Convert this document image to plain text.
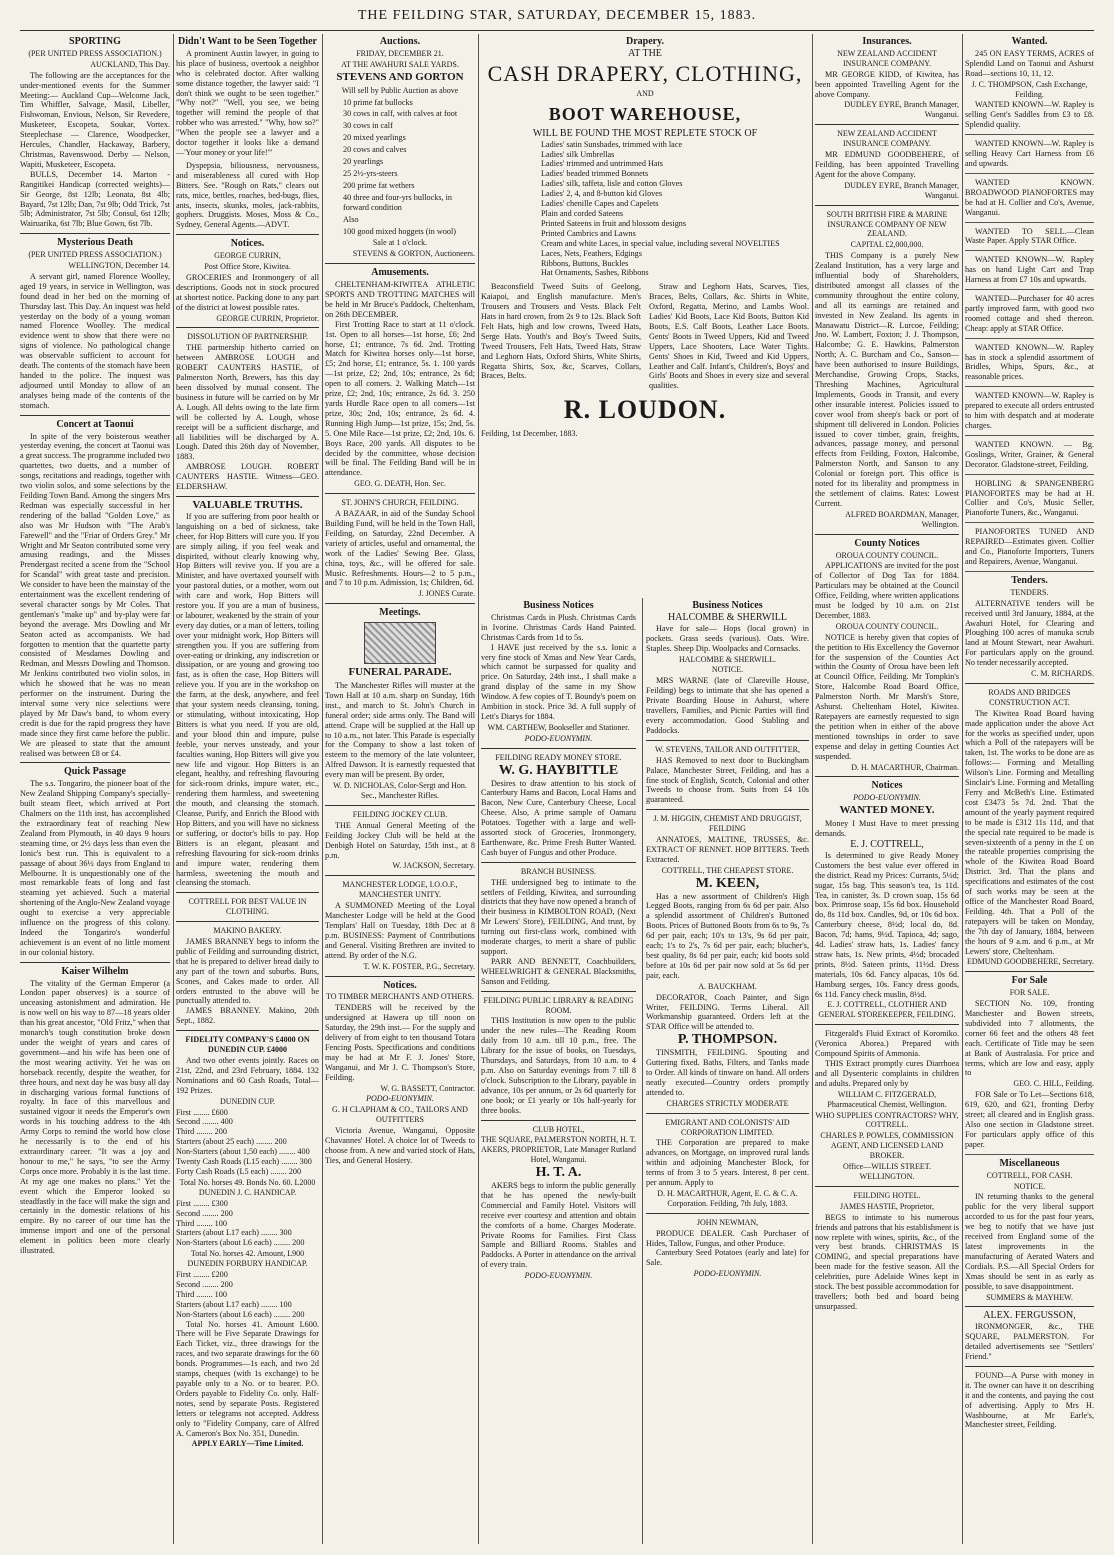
THE FEILDING STAR, SATURDAY, DECEMBER 15, 1883.
SPORTING
(PER UNITED PRESS ASSOCIATION.)
AUCKLAND, This Day.

The following are the acceptances for the under-mentioned events for the Summer Meeting:— Auckland Cup—Welcome Jack, Tim Whiffler, Salvage, Masil, Libeller, Fishwoman, Envious, Nelson, Sir Revedere, Musketeer, Escopeta, Soukar, Vortex. Steeplechase — Clarence, Woodpecker, Hercules, Chandler, Hackaway, Barbery, Christmas, Ravenswood. Derby — Nelson, Wapiti, Musketeer, Escopeta.

BULLS, December 14. Marton - Rangitikei Handicap (corrected weights)—Sir George, 8st 12lb; Leonata, 8st 4lb; Bayard, 7st 12lb; Dan, 7st 9lb; Odd Trick, 7st 5lb; Administrator, 7st 5lb; Consul, 6st 12lb; Wairuarika, 6st 7lb; Blue Gown, 6st 7lb.

Mysterious Death
(PER UNITED PRESS ASSOCIATION.)
WELLINGTON, December 14.

A servant girl, named Florence Woolley, aged 19 years, in service in Wellington, was found dead in her bed on the morning of Thursday last. This Day. An inquest was held yesterday on the body of a young woman named Florence Woolley. The medical evidence went to show that there were no signs of violence. No pathological change was observable sufficient to account for death. The contents of the stomach have been handed to the police. The inquest was adjourned until Monday to allow of an analyses being made of the contents of the stomach.

Concert at Taonui

In spite of the very boisterous weather yesterday evening, the concert at Taonui was a great success. The programme included two quartettes, two duetts, and a number of songs, recitations and readings, together with two violin solos, and some selections by the Feilding Town Band. Among the singers Mrs Redman was especially successful in her rendering of the ballad "Golden Love," as also was Mr Hudson with "The Arab's Farewell" and the "Friar of Orders Grey." Mr Wright and Mr Seaton contributed some very amusing readings, and the Misses Prendergast recited a scene from the "School for Scandal" with great taste and precision. We consider to have been the mainstay of the entertainment was the excellent rendering of several character songs by Mr Coles. That gentleman's "make up" and by-play were far beyond the average. Mrs Dowling and Mr Seaton acted as accompanists. We had forgotten to mention that the quartette party consisted of Mesdames Dowling and Redman, and Messrs Dowling and Thomson. Mr Jenkins contributed two violin solos, in which he showed that he was no mean performer on the instrument. During the interval some very nice selections were played by Mr Daw's band, to whom every credit is due for the rapid progress they have made since they first came before the public. We are pleased to state that the amount realised was between £8 or £4.

Quick Passage

The s.s. Tongariro, the pioneer boat of the New Zealand Shipping Company's specially-built steam fleet, which arrived at Port Chalmers on the 11th inst, has accomplished the extraordinary feat of reaching New Zealand from Plymouth, in 40 days 9 hours steaming time, or 2½ days less than even the Ionic's best run. This is equivalent to a passage of about 36½ days from England to Melbourne. It is unquestionably one of the most remarkable feats of long and fast steaming yet achieved. Such a material shortening of the Anglo-New Zealand voyage ought to exercise a very appreciable influence on the progress of this colony. Indeed the Tongariro's wonderful achievement is an event of no little moment in our colonial history.

Kaiser Wilhelm

The vitality of the German Emperor (a London paper observes) is a source of unceasing astonishment and admiration. He is now well on his way to 87—18 years older than his great ancestor, "Old Fritz," when that monarch's tough constitution broke down under the weight of years and cares of government—and his wife has been one of the most wearing activity. Yet he was on horseback recently, despite the weather, for three hours, and next day he was busy all day in discharging various formal functions of royalty. In face of this marvellous and sustained vigour it needs the Emperor's own words in his touching address to the 4th Army Corps to remind the world how close he necessarily is to the end of his extraordinary career. "It was a joy and honour to me," he says, "to see the Army Corps once more. Probably it is the last time. At my age one makes no plans." Yet the event which the Emperor looked so steadfastly in the face will make the sign and certainly in the domestic relations of his empire. By no career of our time has the immense import and one of the personal element in politics been more clearly illustrated.

Didn't Want to be Seen Together

A prominent Austin lawyer, in going to his place of business, overtook a neighbor who is celebrated doctor. After walking some distance together, the lawyer said: "I don't think we ought to be seen together." "Why not?" "Well, you see, we being together will remind the people of that robber who was arrested." "Why, how so?" "When the people see a lawyer and a doctor together it looks like a demand—'Your money or your life!'"

Dyspepsia, biliousness, nervousness, and miserableness all cured with Hop Bitters. See. "Rough on Rats," clears out rats, mice, bettles, roaches, bed-bugs, flies, ants, insects, skunks, moles, jack-rabbits, gophers. Druggists. Moses, Moss & Co., Sydney, General Agents.—ADVT.

Notices.
GEORGE CURRIN,
Post Office Store, Kiwitea.

GROCERIES and Ironmongery of all descriptions. Goods not in stock procured at shortest notice. Packing done to any part of the district at lowest possible rates.

GEORGE CURRIN, Proprietor.
DISSOLUTION OF PARTNERSHIP.

THE partnership hitherto carried on between AMBROSE LOUGH and ROBERT CAUNTERS HASTIE, of Palmerston North, Brewers, has this day been dissolved by mutual consent. The business in future will be carried on by Mr A. Lough. All debts owing to the late firm will be collected by A. Lough, whose receipt will be a sufficient discharge, and all liabilities will be discharged by A. Lough. Dated this 26th day of November, 1883.

AMBROSE LOUGH. ROBERT CAUNTERS HASTIE. Witness—GEO. ELDERSHAW.

VALUABLE TRUTHS.

If you are suffering from poor health or languishing on a bed of sickness, take cheer, for Hop Bitters will cure you. If you are simply ailing, if you feel weak and dispirited, without clearly knowing why, Hop Bitters will revive you. If you are a Minister, and have overtaxed yourself with your pastoral duties, or a mother, worn out with care and work, Hop Bitters will restore you. If you are a man of business, or labourer, weakened by the strain of your every day duties, or a man of letters, toiling over your midnight work, Hop Bitters will strengthen you. If you are suffering from over-eating or drinking, any indiscretion or dissipation, or are young and growing too fast, as is often the case, Hop Bitters will relieve you. If you are in the workshop on the farm, at the desk, anywhere, and feel that your system needs cleansing, toning, or stimulating, without intoxicating, Hop Bitters is what you need. If you are old, and your blood thin and impure, pulse feeble, your nerves unsteady, and your faculties waning, Hop Bitters will give you new life and vigour. Hop Bitters is an elegant, healthy, and refreshing flavouring for sick-room drinks, impure water, etc., rendering them harmless, and sweetening the mouth, and cleansing the stomach. Cleanse, Purify, and Enrich the Blood with Hop Bitters, and you will have no sickness or suffering, or doctor's bills to pay. Hop Bitters is an elegant, pleasant and refreshing flavouring for sick-room drinks and impure water, rendering them harmless, sweetening the mouth and cleansing the stomach.

COTTRELL FOR BEST VALUE IN CLOTHING.
MAKINO BAKERY.

JAMES BRANNEY begs to inform the public of Feilding and surrounding district, that he is prepared to deliver bread daily to any part of the town and suburbs. Buns, Scones, and Cakes made to order. All orders entrusted to the above will be punctually attended to.

JAMES BRANNEY. Makino, 20th Sept., 1882.

FIDELITY COMPANY'S £4000 ON DUNEDIN CUP. £4000

And two other events jointly. Races on 21st, 22nd, and 23rd February, 1884. 132 Nominations and 60 Cash Roads, Total—192 Prizes.

DUNEDIN CUP.
First ........ £600
Second ........ 400
Third ........ 200
Starters (about 25 each) ........ 200
Non-Starters (about 1,50 each) ........ 400
Twenty Cash Roads (L15 each) ........ 300
Forty Cash Roads (L5 each) ........ 200
Total No. horses 49. Bonds No. 60. L2000 DUNEDIN J. C. HANDICAP.
First ........ £300
Second ........ 200
Third ........ 100
Starters (about L17 each) ........ 300
Non-Starters (about L6 each) ........ 200
Total No. horses 42. Amount, L900 DUNEDIN FORBURY HANDICAP.
First ........ £200
Second ........ 200
Third ........ 100
Starters (about L17 each) ........ 100
Non-Starters (about L6 each) ........ 200

Total No. horses 41. Amount L600. There will be Five Separate Drawings for Each Ticket, viz., three drawings for the races, and two separate drawings for the 60 bonds. Programmes—1s each, and two 2d stamps, cheques (with 1s exchange) to be payable only to a No. or to bearer. P.O. Orders payable to Fidelity Co. only. Half-notes, send by separate Posts. Registered letters or telegrams not accepted. Address only to "Fidelity Company, care of Alfred A. Cameron's Box No. 351, Dunedin.

APPLY EARLY—Time Limited.
Auctions.
FRIDAY, DECEMBER 21.
AT THE AWAHURI SALE YARDS.
STEVENS AND GORTON
Will sell by Public Auction as above
10 prime fat bullocks
30 cows in calf, with calves at foot
30 cows in calf
20 mixed yearlings
20 cows and calves
20 yearlings
25 2½-yrs-steers
200 prime fat wethers
40 three and four-yrs bullocks, in forward condition
Also
100 good mixed hoggets (in wool)
Sale at 1 o'clock.
STEVENS & GORTON, Auctioneers.
Amusements.

CHELTENHAM-KIWITEA ATHLETIC SPORTS AND TROTTING MATCHES will be held in Mr Bruce's Paddock, Cheltenham, on 26th DECEMBER.

First Trotting Race to start at 11 o'clock. 1st. Open to all horses—1st horse, £6; 2nd horse, £1; entrance, 7s 6d. 2nd. Trotting Match for Kiwitea horses only—1st horse, £5; 2nd horse, £1; entrance, 5s. 1. 100 yards—1st prize, £2; 2nd, 10s; entrance, 2s 6d; open to all comers. 2. Walking Match—1st prize, £2; 2nd, 10s; entrance, 2s 6d. 3. 250 yards Hurdle Race open to all comers—1st prize, 30s; 2nd, 10s; entrance, 2s 6d. 4. Running High Jump—1st prize, 15s; 2nd, 5s. 5. One Mile Race—1st prize, £2; 2nd, 10s. 6. Boys Race, 200 yards. All disputes to be decided by the committee, whose decision will be final. The Feilding Band will be in attendance.

GEO. G. DEATH, Hon. Sec.
ST. JOHN'S CHURCH, FEILDING.

A BAZAAR, in aid of the Sunday School Building Fund, will be held in the Town Hall, Feilding, on Saturday, 22nd December. A variety of articles, useful and ornamental, the work of the Ladies' Sewing Bee. Glass, china, toys, &c., will be offered for sale. Music. Refreshments. Hours—2 to 5 p.m., and 7 to 10 p.m. Admission, 1s; Children, 6d.

J. JONES Curate.
Meetings.
FUNERAL PARADE.

The Manchester Rifles will muster at the Town Hall at 10 a.m. sharp on Sunday, 16th inst., and march to St. John's Church in funeral order; side arms only. The Band will attend. Crape will be supplied at the Hall up to 10 a.m., not later. This Parade is especially for the Company to show a last token of esteem to the memory of the late volunteer, Alfred Dawson. It is earnestly requested that every man will be present. By order,

W. D. NICHOLAS, Color-Sergt and Hon. Sec., Manchester Rifles.
FEILDING JOCKEY CLUB.

THE Annual General Meeting of the Feilding Jockey Club will be held at the Denbigh Hotel on Saturday, 15th inst., at 8 p.m.

W. JACKSON, Secretary.
MANCHESTER LODGE, I.O.O.F., MANCHESTER UNITY.

A SUMMONED Meeting of the Loyal Manchester Lodge will be held at the Good Templars' Hall on Tuesday, 18th Dec at 8 p.m. BUSINESS: Payment of Contributions and General. Visiting Brethren are invited to attend. By order of the N.G.

T. W. K. FOSTER, P.G., Secretary.
Notices.
TO TIMBER MERCHANTS AND OTHERS.

TENDERS will be received by the undersigned at Hawera up till noon on Saturday, the 29th inst.— For the supply and delivery of from eight to ten thousand Totara Fencing Posts. Specifications and conditions may be had at Mr F. J. Jones' Store, Wanganui, and Mr J. C. Thompson's Store, Feilding.

W. G. BASSETT, Contractor.
PODO-EUONYMIN.
G. H CLAPHAM & CO., TAILORS AND OUTFITTERS

Victoria Avenue, Wanganui, Opposite Chavannes' Hotel. A choice lot of Tweeds to choose from. A new and varied stock of Hats, Ties, and General Hosiery.

Drapery.
AT THE
CASH DRAPERY, CLOTHING,
AND
BOOT WAREHOUSE,
WILL BE FOUND THE MOST REPLETE STOCK OF
Ladies' satin Sunshades, trimmed with lace
Ladies' silk Umbrellas
Ladies' trimmed and untrimmed Hats
Ladies' beaded trimmed Bonnets
Ladies' silk, taffeta, lisle and cotton Gloves
Ladies' 2, 4, and 8-button kid Gloves
Ladies' chenille Capes and Capelets
Plain and corded Sateens
Printed Sateens in fruit and blossom designs
Printed Cambrics and Lawns
Cream and white Laces, in special value, including several NOVELTIES
Laces, Nets, Feathers, Edgings
Ribbons, Buttons, Buckles
Hat Ornaments, Sashes, Ribbons

Beaconsfield Tweed Suits of Geelong, Kaiapoi, and English manufacture. Men's Trousers and Trousers and Vests. Black Felt Hats in hard crown, from 2s 9 to 12s. Black Soft Felt Hats, high and low crowns, Tweed Hats, Serge Hats. Youth's and Boy's Tweed Suits, Tweed Trousers, Felt Hats, Tweed Hats, Straw and Leghorn Hats, Oxford Shirts, White Shirts, Regatta Shirts, Sox, &c, Scarves, Collars, Braces, Belts.

Straw and Leghorn Hats, Scarves, Ties, Braces, Belts, Collars, &c. Shirts in White, Oxford, Regatta, Merino, and Lambs Wool. Ladies' Kid Boots, Lace Kid Boots, Button Kid Boots, E.S. Calf Boots, Leather Lace Boots. Gents' Boots in Tweed Uppers, Kid and Tweed Uppers, Lace Shooters, Lace Water Tights. Gents' Shoes in Kid, Tweed and Kid Uppers, Leather and Calf. Infant's, Children's, Boys' and Girls' Boots and Shoes in every size and several qualities.

R. LOUDON.
Feilding, 1st December, 1883.
Business Notices

Christmas Cards in Plush. Christmas Cards in Ivorine. Christmas Cards Hand Painted. Christmas Cards from 1d to 5s.

I HAVE just received by the s.s. Ionic a very fine stock of Xmas and New Year Cards, which cannot be surpassed for quality and price. On Saturday, 24th inst., I shall make a grand display of the same in my Show Window. A few copies of T. Boundy's poem on Ambition in stock. Price 3d. A full supply of Lett's Diarys for 1884.

WM. CARTHEW, Bookseller and Stationer.
PODO-EUONYMIN.
FEILDING READY MONEY STORE.
W. G. HAYBITTLE

Desires to draw attention to his stock of Canterbury Hams and Bacon, Local Hams and Bacon, New Cure, Canterbury Cheese, Local Cheese. Also, A prime sample of Oamaru Potatoes. Together with a large and well-assorted stock of Groceries, Ironmongery, Earthenware, &c. Prime Fresh Butter Wanted. Cash buyer of Fungus and other Produce.

BRANCH BUSINESS.

THE undersigned beg to intimate to the settlers of Feilding, Kiwitea, and surrounding districts that they have now opened a branch of their business in KIMBOLTON ROAD, (Next Mr Lewers' Store), FEILDING, And trust, by turning out first-class work, combined with moderate charges, to merit a share of public support.

PARR AND BENNETT, Coachbuilders, WHEELWRIGHT & GENERAL Blacksmiths, Sanson and Feilding.

FEILDING PUBLIC LIBRARY & READING ROOM.

THIS Institution is now open to the public under the new rules—The Reading Room daily from 10 a.m. till 10 p.m., free. The Library for the issue of books, on Tuesdays, Thursdays, and Saturdays, from 10 a.m. to 4 p.m. Also on Saturday evenings from 7 till 8 o'clock. Subscription to the Library, payable in advance, 10s per annum, or 2s 6d quarterly for one book; or £1 yearly or 10s half-yearly for three books.

CLUB HOTEL,
THE SQUARE, PALMERSTON NORTH, H. T. AKERS, PROPRIETOR, Late Manager Rutland Hotel, Wanganui.
H. T. A.

AKERS begs to inform the public generally that he has opened the newly-built Commercial and Family Hotel. Visitors will receive ever courtesy and attention and obtain the comforts of a home. Charges Moderate. Private Rooms for Families. First Class Sample and Billiard Rooms. Stables and Paddocks. A Porter in attendance on the arrival of every train.

PODO-EUONYMIN.
Business Notices
HALCOMBE & SHERWILL

Have for sale— Hops (local grown) in pockets. Grass seeds (various). Oats. Wire. Staples. Sheep Dip. Woolpacks and Cornsacks.

HALCOMBE & SHERWILL.
NOTICE.

MRS WARNE (late of Clareville House, Feilding) begs to intimate that she has opened a Private Boarding House in Ashurst, where travellers, Families, and Picnic Parties will find every accommodation. Good Stabling and Paddocks.

W. STEVENS, TAILOR AND OUTFITTER,

HAS Removed to next door to Buckingham Palace, Manchester Street, Feilding, and has a fine stock of English, Scotch, Colonial and other Tweeds to choose from. Suits from £4 10s guaranteed.

J. M. HIGGIN, CHEMIST AND DRUGGIST, FEILDING

ANNATOES, MALTINE, TRUSSES, &c. EXTRACT OF RENNET. HOP BITTERS. Teeth Extracted.

COTTRELL, THE CHEAPEST STORE.
M. KEEN,

Has a new assortment of Children's High Legged Boots, ranging from 6s 6d per pair. Also a splendid assortment of Children's Buttoned Boots. Prices of Buttoned Boots from 6s to 9s, 7s 6d per pair, each; 10's to 13's, 9s 6d per pair, each; 1's to 2's, 7s 6d per pair, each; blucher's, best quality, 8s 6d per pair, each; kid boots sold before at 10s 6d per pair now sold at 5s 6d per pair, each.

A. BAUCKHAM.

DECORATOR, Coach Painter, and Sign Writer, FEILDING. Terms Liberal. All Workmanship guaranteed. Orders left at the STAR Office will be attended to.

P. THOMPSON.

TINSMITH, FEILDING. Spouting and Guttering fixed. Baths, Filters, and Tanks made to Order. All kinds of tinware on hand. All orders neatly executed—Country orders promptly attended to.

CHARGES STRICTLY MODERATE
EMIGRANT AND COLONISTS' AID CORPORATION LIMITED.

THE Corporation are prepared to make advances, on Mortgage, on improved rural lands within and adjoining Manchester Block, for terms of from 3 to 5 years. Interest, 8 per cent. per annum. Apply to

D. H. MACARTHUR, Agent, E. C. & C. A. Corporation. Feilding, 7th July, 1883.
JOHN NEWMAN,

PRODUCE DEALER. Cash Purchaser of Hides, Tallow, Fungus, and other Produce.

Canterbury Seed Potatoes (early and late) for Sale.

PODO-EUONYMIN.
Insurances.
NEW ZEALAND ACCIDENT INSURANCE COMPANY.

MR GEORGE KIDD, of Kiwitea, has been appointed Travelling Agent for the above Company.

DUDLEY EYRE, Branch Manager, Wanganui.
NEW ZEALAND ACCIDENT INSURANCE COMPANY.

MR EDMUND GOODBEHERE, of Feilding, has been appointed Travelling Agent for the above Company.

DUDLEY EYRE, Branch Manager, Wanganui.
SOUTH BRITISH FIRE & MARINE INSURANCE COMPANY OF NEW ZEALAND.
CAPITAL £2,000,000.

THIS Company is a purely New Zealand Institution, has a very large and influential body of Shareholders, distributed amongst all classes of the community throughout the entire colony, and all its earnings are retained and invested in New Zealand. Its agents in Manawatu District—R. Lurcoe, Feilding; Jno. W. Lambert, Foxton; J. J. Thompson, Halcombe; G. E. Hawkins, Palmerston North; A. C. Burcham and Co., Sanson—have been authorised to insure Buildings, Merchandise, Growing Crops, Stacks, Threshing Machines, Agricultural Implements, Goods in Transit, and every other insurable interest. Policies issued to cover wool from sheep's back or port of shipment till delivered in London. Policies issued to cover timber, grain, freights, advances, passage money, and personal effects from Feilding, Foxton, Halcombe, Palmerston North, and Sanson to any Colonial or foreign port. This office is noted for its liberality and promptness in the settlement of claims. Rates: Lowest Current.

ALFRED BOARDMAN, Manager, Wellington.
County Notices
OROUA COUNTY COUNCIL.

APPLICATIONS are invited for the post of Collector of Dog Tax for 1884. Particulars may be obtained at the Council Office, Feilding, where written applications must be lodged by 10 a.m. on 21st December, 1883.

OROUA COUNTY COUNCIL.

NOTICE is hereby given that copies of the petition to His Excellency the Governor for the suspension of the Counties Act within the County of Oroua have been left at Council Office, Feilding. Mr Tompkin's Store, Halcombe Road Board Office, Palmerston North. Mr Marsh's Store, Ashurst. Cheltenham Hotel, Kiwitea. Ratepayers are earnestly requested to sign the petition when in either of the above mentioned townships in order to save expense and delay in getting Counties Act suspended.

D. H. MACARTHUR, Chairman.
Notices
PODO-EUONYMIN.
WANTED MONEY.

Money I Must Have to meet pressing demands.

E. J. COTTRELL,

Is determined to give Ready Money Customers the best value ever offered in the district. Read my Prices: Currants, 5½d; sugar, 15s bag. This season's tea, 1s 11d. Tea, in canister, 3s. D crown soap, 15s 6d box. Primrose soap, 15s 6d box. Household do, 8s 11d box. Candles, 9d, or 10s 6d box. Canterbury cheese, 8½d; local do, 8d. Bacon, 7d; hams, 9½d. Tapioca, 4d; sago, 4d. Ladies' straw hats, 1s. Ladies' fancy straw hats, 1s. New prints, 4½d; brocaded prints, 8½d. Sateen prints, 11½d. Dress materials, 10s 6d. Fancy alpacas, 10s 6d. Hamburg serges, 10s. Fancy dress goods, 6s 11d. Fancy check muslin, 8½d.

E. J. COTTRELL, CLOTHIER AND GENERAL STOREKEEPER, FEILDING.

Fitzgerald's Fluid Extract of Koromiko. (Veronica Aborea.) Prepared with Compound Spirits of Ammonia.

THIS Extract promptly cures Diarrhoea and all Dysenteric complaints in children and adults. Prepared only by

WILLIAM C. FITZGERALD, Pharmaceutical Chemist, Wellington.
WHO SUPPLIES CONTRACTORS? WHY, COTTRELL.
CHARLES P. POWLES, COMMISSION AGENT, AND LICENSED LAND BROKER.
Office—WILLIS STREET. WELLINGTON.
FEILDING HOTEL.
JAMES HASTIE, Proprietor,

BEGS to intimate to his numerous friends and patrons that his establishment is now replete with wines, spirits, &c., of the very best brands. CHRISTMAS IS COMING, and special preparations have been made for the festive season. All the celebrities, pure Adelaide Wines kept in stock. The best possible accommodation for travellers; both bed and board being unsurpassed.

Wanted.

245 ON EASY TERMS, ACRES of Splendid Land on Taonui and Ashurst Road—sections 10, 11, 12.

J. C. THOMPSON, Cash Exchange, Feilding.

WANTED KNOWN—W. Rapley is selling Gent's Saddles from £3 to £8. Splendid quality.

WANTED KNOWN—W. Rapley is selling Heavy Cart Harness from £6 and upwards.

WANTED KNOWN. BROADWOOD PIANOFORTES may be had at H. Collier and Co's, Avenue, Wanganui.

WANTED TO SELL.—Clean Waste Paper. Apply STAR Office.

WANTED KNOWN—W. Rapley has on hand Light Cart and Trap Harness at from £7 10s and upwards.

WANTED—Purchaser for 40 acres partly improved farm, with good two roomed cottage and shed thereon. Cheap: apply at STAR Office.

WANTED KNOWN—W. Rapley has in stock a splendid assortment of Bridles, Whips, Spurs, &c., at reasonable prices.

WANTED KNOWN—W. Rapley is prepared to execute all orders entrusted to him with despatch and at moderate charges.

WANTED KNOWN. — Bg. Goslings, Writer, Grainer, & General Decorator. Gladstone-street, Feilding.

HOBLING & SPANGENBERG PIANOFORTES may be had at H. Collier and Co's, Music Seller, Pianoforte Tuners, &c., Wanganui.

PIANOFORTES TUNED AND REPAIRED—Estimates given. Collier and Co., Pianoforte Importers, Tuners and Repairers, Avenue, Wanganui.

Tenders.
TENDERS.

ALTERNATIVE tenders will be received until 3rd January, 1884, at the Awahuri Hotel, for Clearing and Ploughing 100 acres of manuka scrub land at Mount Stewart, near Awahuri. For particulars apply on the ground. No tender necessarily accepted.

C. M. RICHARDS.
ROADS AND BRIDGES CONSTRUCTION ACT.

The Kiwitea Road Board having made application under the above Act for the works as specified under, upon which a Poll of the ratepayers will be taken, 1st. The works to be done are as follows:— Forming and Metalling Wilson's Line. Forming and Metalling Sinclair's Line. Forming and Metalling Ferry and McBeth's Line. Estimated cost £3473 5s 7d. 2nd. That the amount of the yearly payment required to be made is £312 11s 11d, and that the special rate required to be made is seven-sixteenth of a penny in the £ on the rateable properties comprising the whole of the Kiwitea Road Board District. 3rd. That the plans and specifications and estimates of the cost of such works may be seen at the office of the Manchester Road Board, Feilding. 4th. That a Poll of the ratepayers will be taken on Monday, the 7th day of January, 1884, between the hours of 9 a.m. and 6 p.m., at Mr Lewers' store, Cheltenham.

EDMUND GOODBEHERE, Secretary.
For Sale
FOR SALE.

SECTION No. 109, fronting Manchester and Bowen streets, subdivided into 7 allotments, the corner 66 feet and the others 48 feet each. Certificate of Title may be seen at Bank of Australasia. For price and terms, which are low and easy, apply to

GEO. C. HILL, Feilding.

FOR Sale or To Let—Sections 618, 619, 620, and 621, fronting Derby street; all cleared and in English grass. Also one section in Gladstone street. For particulars apply office of this paper.

Miscellaneous
COTTRELL, FOR CASH.
NOTICE.

IN returning thanks to the general public for the very liberal support accorded to us for the past four years, we beg to notify that we have just received from England some of the latest improvements in the manufacturing of Aerated Waters and Cordials. P.S.—All Special Orders for Xmas should be sent in as early as possible, to save disappointment.

SUMMERS & MAYHEW.
ALEX. FERGUSSON,

IRONMONGER, &c., THE SQUARE, PALMERSTON. For detailed advertisements see "Settlers' Friend."

FOUND—A Purse with money in it. The owner can have it on describing it and the contents, and paying the cost of advertising. Apply to Mrs H. Washbourne, at Mr Earle's, Manchester street, Feilding.
